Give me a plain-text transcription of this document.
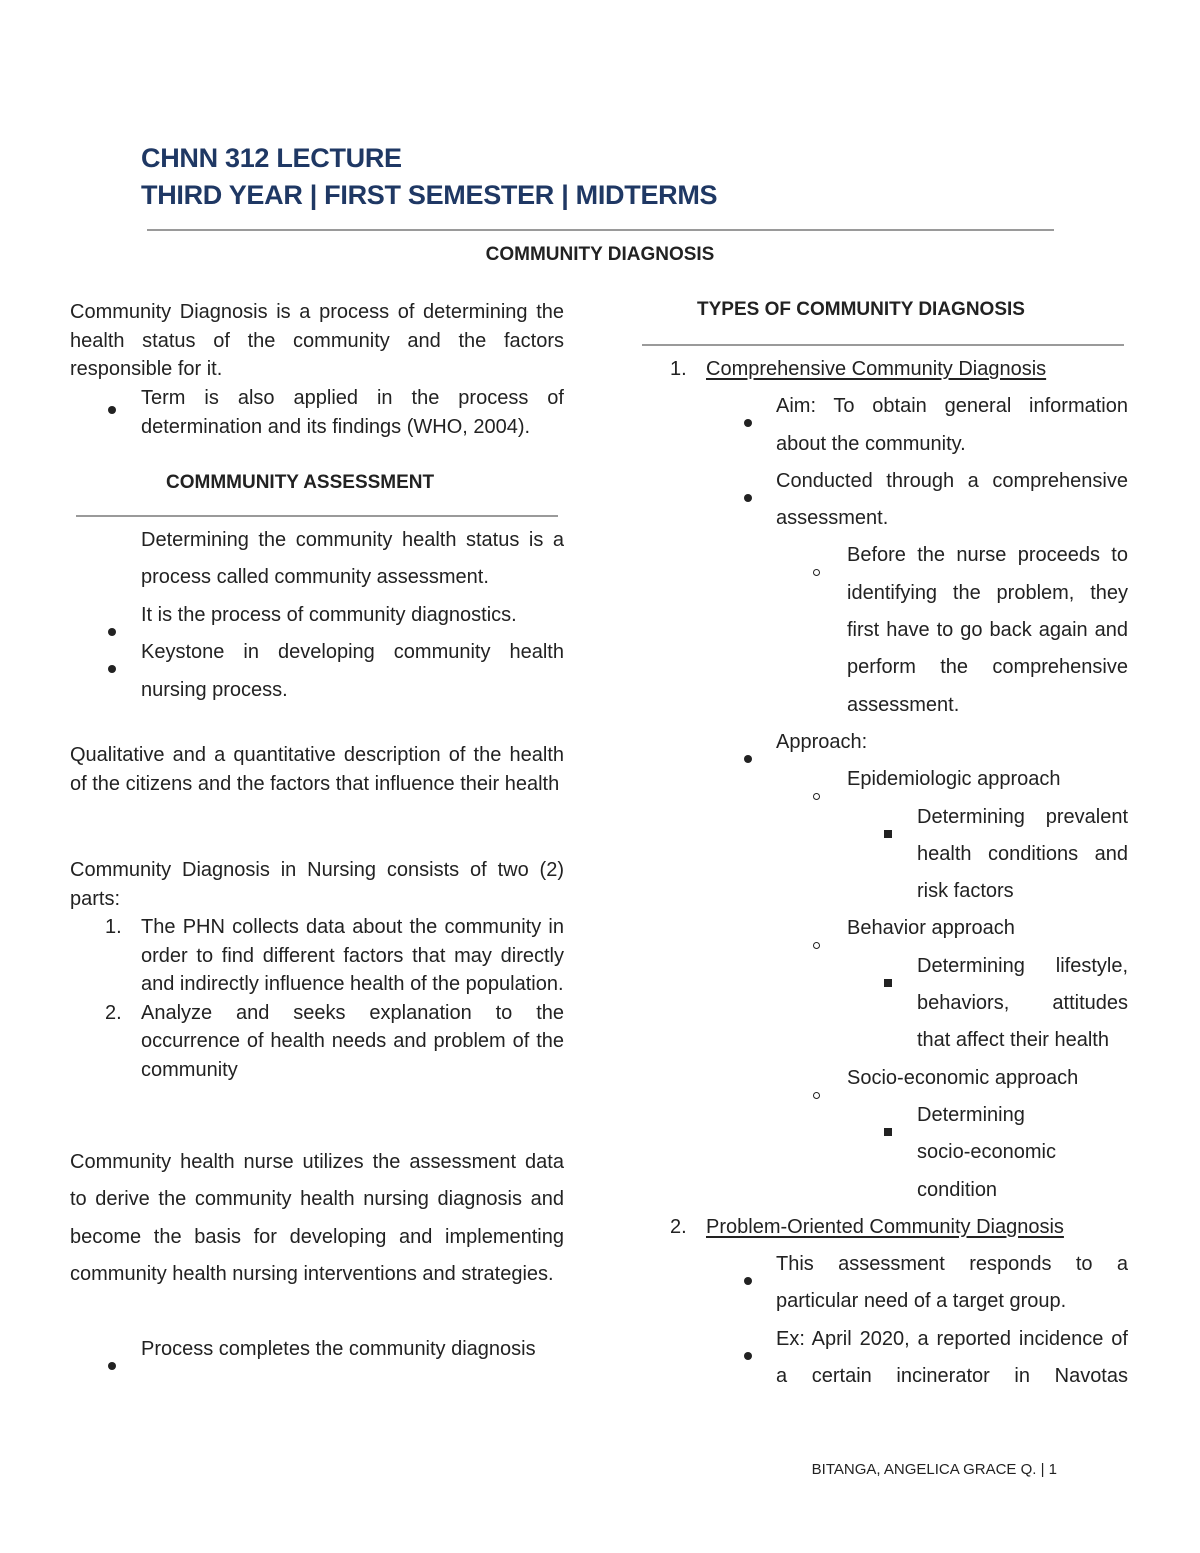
CHNN 312 LECTURE
THIRD YEAR | FIRST SEMESTER | MIDTERMS
COMMUNITY DIAGNOSIS
Community Diagnosis is a process of determining the health status of the community and the factors responsible for it.
Term is also applied in the process of determination and its findings (WHO, 2004).
COMMMUNITY ASSESSMENT
Determining the community health status is a process called community assessment.
It is the process of community diagnostics.
Keystone in developing community health nursing process.
Qualitative and a quantitative description of the health of the citizens and the factors that influence their health
Community Diagnosis in Nursing consists of two (2) parts:
1. The PHN collects data about the community in order to find different factors that may directly and indirectly influence health of the population.
2. Analyze and seeks explanation to the occurrence of health needs and problem of the community
Community health nurse utilizes the assessment data to derive the community health nursing diagnosis and become the basis for developing and implementing community health nursing interventions and strategies.
Process completes the community diagnosis
TYPES OF COMMUNITY DIAGNOSIS
1. Comprehensive Community Diagnosis
Aim: To obtain general information about the community.
Conducted through a comprehensive assessment.
Before the nurse proceeds to identifying the problem, they first have to go back again and perform the comprehensive assessment.
Approach:
Epidemiologic approach
Determining prevalent health conditions and risk factors
Behavior approach
Determining lifestyle, behaviors, attitudes that affect their health
Socio-economic approach
Determining socio-economic condition
2. Problem-Oriented Community Diagnosis
This assessment responds to a particular need of a target group.
Ex: April 2020, a reported incidence of a certain incinerator in Navotas
BITANGA, ANGELICA GRACE Q. | 1
